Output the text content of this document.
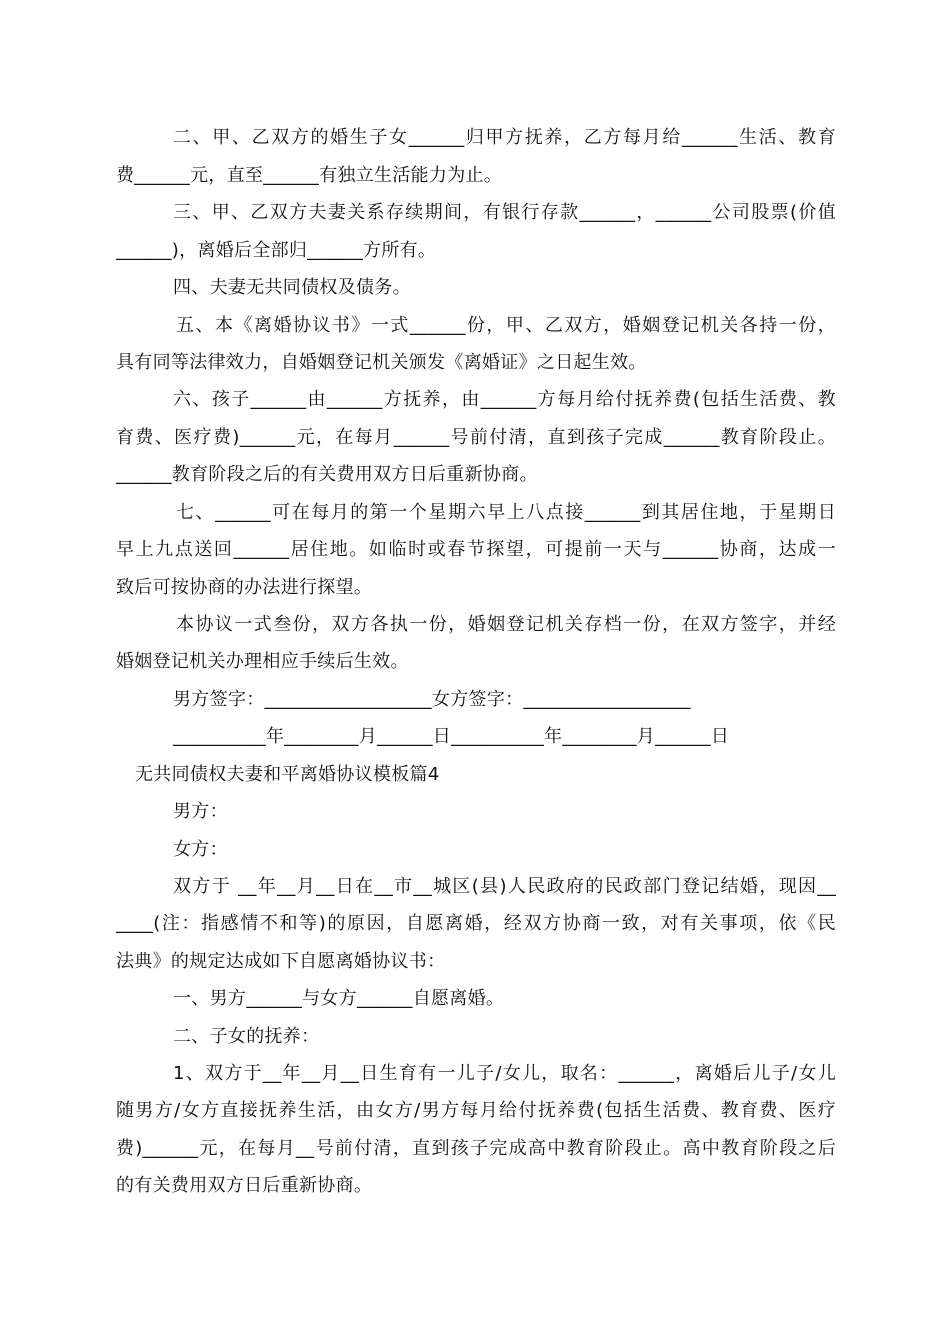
二、甲、乙双方的婚生子女______归甲方抚养，乙方每月给______生活、教育
费______元，直至______有独立生活能力为止。
三、甲、乙双方夫妻关系存续期间，有银行存款______，______公司股票(价值
______)，离婚后全部归______方所有。
四、夫妻无共同债权及债务。
五、本《离婚协议书》一式______份，甲、乙双方，婚姻登记机关各持一份，
具有同等法律效力，自婚姻登记机关颁发《离婚证》之日起生效。
六、孩子______由______方抚养，由______方每月给付抚养费(包括生活费、教
育费、医疗费)______元，在每月______号前付清，直到孩子完成______教育阶段止。
______教育阶段之后的有关费用双方日后重新协商。
七、______可在每月的第一个星期六早上八点接______到其居住地，于星期日
早上九点送回______居住地。如临时或春节探望，可提前一天与______协商，达成一
致后可按协商的办法进行探望。
本协议一式叁份，双方各执一份，婚姻登记机关存档一份，在双方签字，并经
婚姻登记机关办理相应手续后生效。
男方签字：__________________女方签字：__________________
__________年________月______日__________年________月______日
无共同债权夫妻和平离婚协议模板篇4
男方：
女方：
双方于 __年__月__日在__市__城区(县)人民政府的民政部门登记结婚，现因__
____(注：指感情不和等)的原因，自愿离婚，经双方协商一致，对有关事项，依《民
法典》的规定达成如下自愿离婚协议书：
一、男方______与女方______自愿离婚。
二、子女的抚养：
1、双方于__年__月__日生育有一儿子/女儿，取名：______，离婚后儿子/女儿
随男方/女方直接抚养生活，由女方/男方每月给付抚养费(包括生活费、教育费、医疗
费)______元，在每月__号前付清，直到孩子完成高中教育阶段止。高中教育阶段之后
的有关费用双方日后重新协商。
